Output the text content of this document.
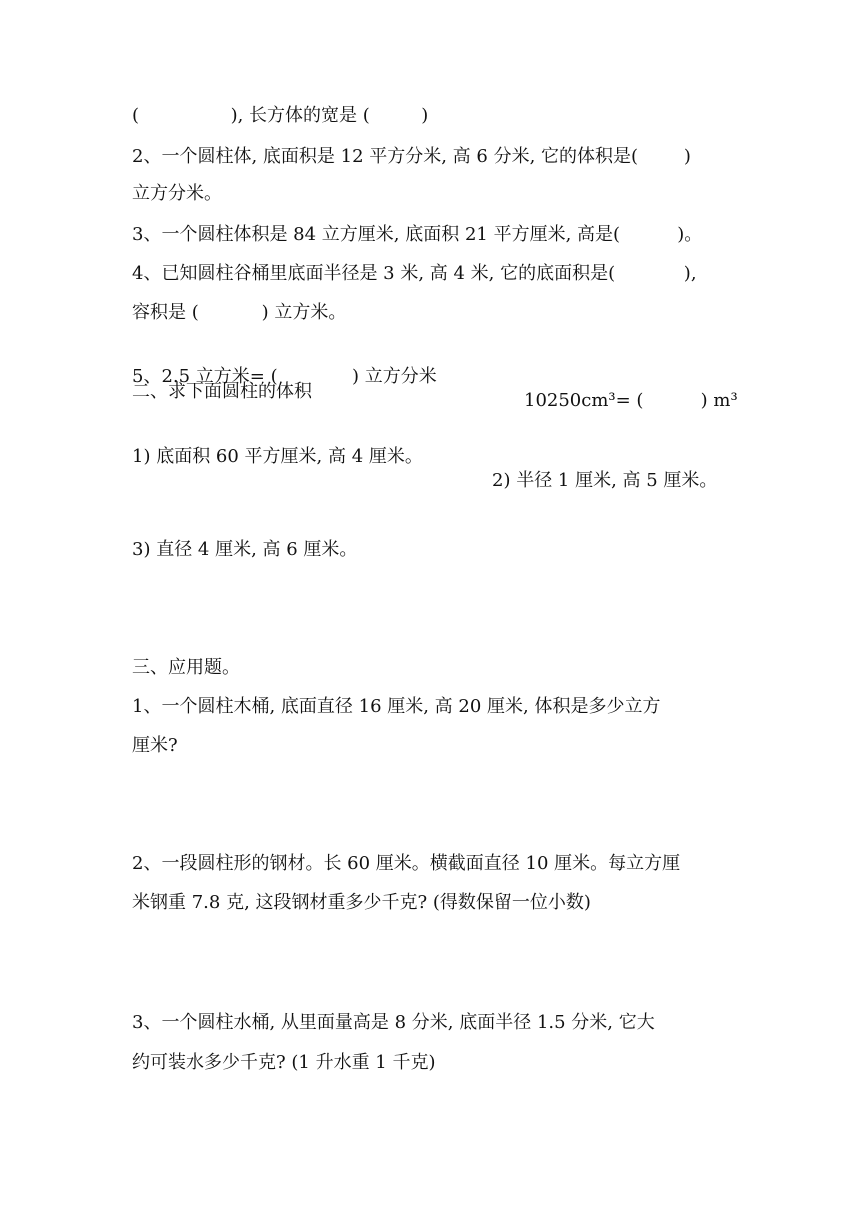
(                ), 长方体的宽是 (         )
2、一个圆柱体, 底面积是 12 平方分米, 高 6 分米, 它的体积是(        )
立方分米。
3、一个圆柱体积是 84 立方厘米, 底面积 21 平方厘米, 高是(          )。
4、已知圆柱谷桶里底面半径是 3 米, 高 4 米, 它的底面积是(            ),
容积是 (           ) 立方米。

5、2.5 立方米= (             ) 立方分米

10250cm³= (          ) m³

二、求下面圆柱的体积

1) 底面积 60 平方厘米, 高 4 厘米。

2) 半径 1 厘米, 高 5 厘米。

3) 直径 4 厘米, 高 6 厘米。
三、应用题。
1、一个圆柱木桶, 底面直径 16 厘米, 高 20 厘米, 体积是多少立方
厘米?
2、一段圆柱形的钢材。长 60 厘米。横截面直径 10 厘米。每立方厘
米钢重 7.8 克, 这段钢材重多少千克? (得数保留一位小数)
3、一个圆柱水桶, 从里面量高是 8 分米, 底面半径 1.5 分米, 它大
约可装水多少千克? (1 升水重 1 千克)
